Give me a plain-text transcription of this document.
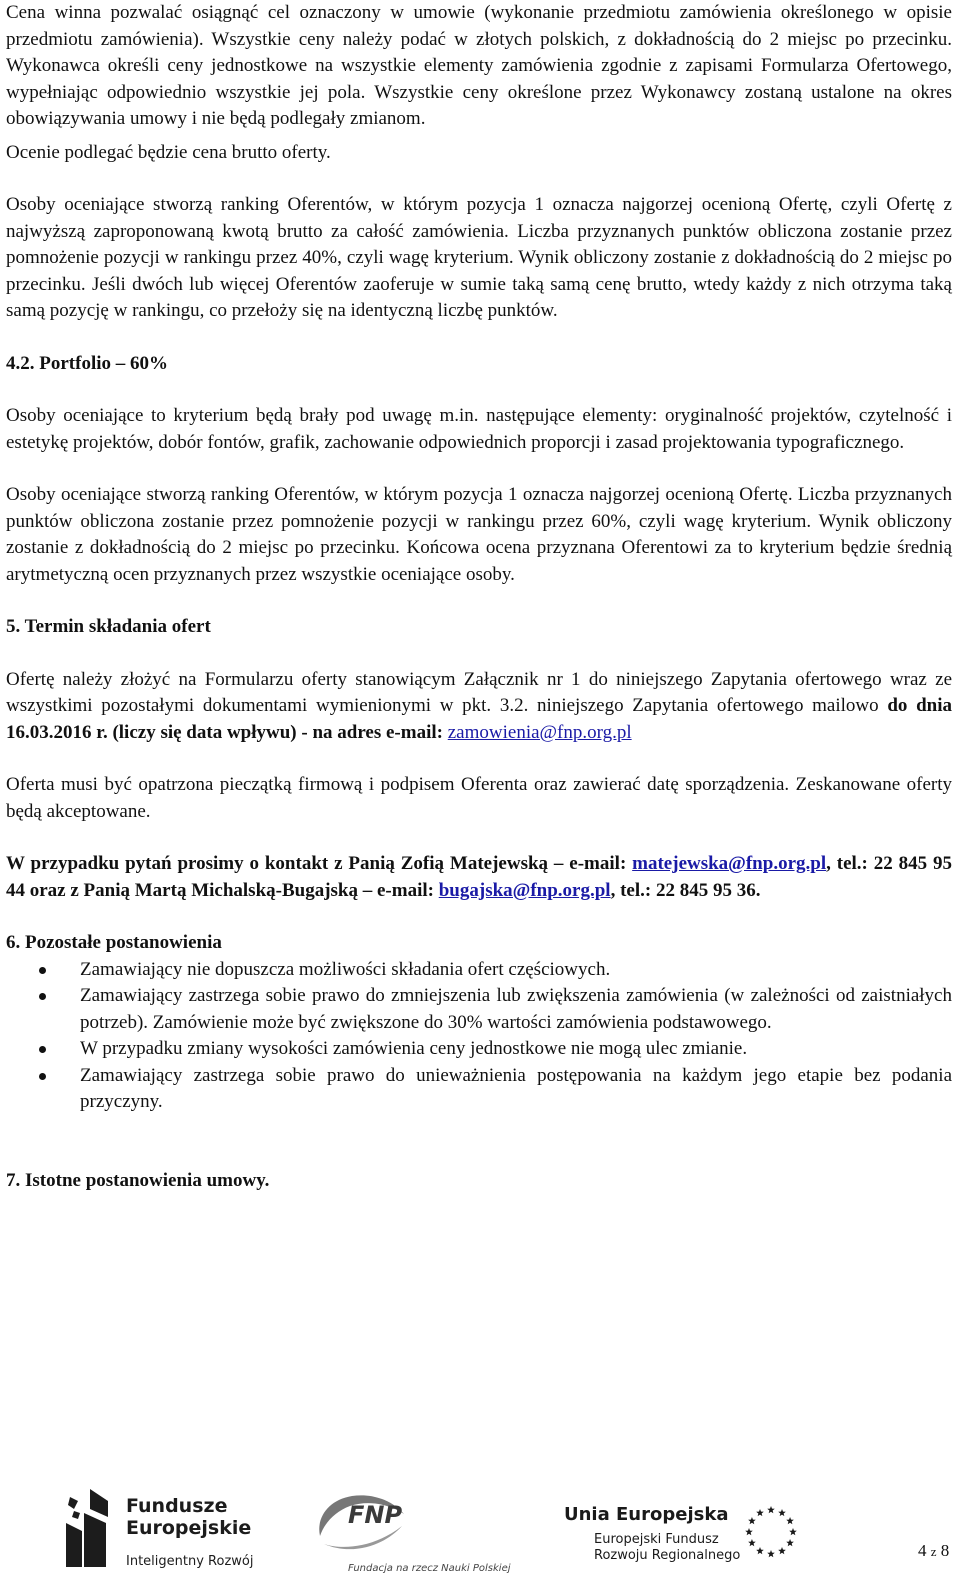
Cena winna pozwalać osiągnąć cel oznaczony w umowie (wykonanie przedmiotu zamówienia określonego w opisie przedmiotu zamówienia). Wszystkie ceny należy podać w złotych polskich, z dokładnością do 2 miejsc po przecinku. Wykonawca określi ceny jednostkowe na wszystkie elementy zamówienia zgodnie z zapisami Formularza Ofertowego, wypełniając odpowiednio wszystkie jej pola. Wszystkie ceny określone przez Wykonawcy zostaną ustalone na okres obowiązywania umowy i nie będą podlegały zmianom.

Ocenie podlegać będzie cena brutto oferty.

Osoby oceniające stworzą ranking Oferentów, w którym pozycja 1 oznacza najgorzej ocenioną Ofertę, czyli Ofertę z najwyższą zaproponowaną kwotą brutto za całość zamówienia. Liczba przyznanych punktów obliczona zostanie przez pomnożenie pozycji w rankingu przez 40%, czyli wagę kryterium. Wynik obliczony zostanie z dokładnością do 2 miejsc po przecinku. Jeśli dwóch lub więcej Oferentów zaoferuje w sumie taką samą cenę brutto, wtedy każdy z nich otrzyma taką samą pozycję w rankingu, co przełoży się na identyczną liczbę punktów.

4.2. Portfolio – 60%

Osoby oceniające to kryterium będą brały pod uwagę m.in. następujące elementy: oryginalność projektów, czytelność i estetykę projektów, dobór fontów, grafik, zachowanie odpowiednich proporcji i zasad projektowania typograficznego.

Osoby oceniające stworzą ranking Oferentów, w którym pozycja 1 oznacza najgorzej ocenioną Ofertę. Liczba przyznanych punktów obliczona zostanie przez pomnożenie pozycji w rankingu przez 60%, czyli wagę kryterium. Wynik obliczony zostanie z dokładnością do 2 miejsc po przecinku. Końcowa ocena przyznana Oferentowi za to kryterium będzie średnią arytmetyczną ocen przyznanych przez wszystkie oceniające osoby.

5. Termin składania ofert

Ofertę należy złożyć na Formularzu oferty stanowiącym Załącznik nr 1 do niniejszego Zapytania ofertowego wraz ze wszystkimi pozostałymi dokumentami wymienionymi w pkt. 3.2. niniejszego Zapytania ofertowego mailowo do dnia 16.03.2016 r. (liczy się data wpływu) - na adres e-mail: zamowienia@fnp.org.pl

Oferta musi być opatrzona pieczątką firmową i podpisem Oferenta oraz zawierać datę sporządzenia. Zeskanowane oferty będą akceptowane.

W przypadku pytań prosimy o kontakt z Panią Zofią Matejewską – e-mail: matejewska@fnp.org.pl, tel.: 22 845 95 44 oraz z Panią Martą Michalską-Bugajską – e-mail: bugajska@fnp.org.pl, tel.: 22 845 95 36.

6. Pozostałe postanowienia
Zamawiający nie dopuszcza możliwości składania ofert częściowych.
Zamawiający zastrzega sobie prawo do zmniejszenia lub zwiększenia zamówienia (w zależności od zaistniałych potrzeb). Zamówienie może być zwiększone do 30% wartości zamówienia podstawowego.
W przypadku zmiany wysokości zamówienia ceny jednostkowe nie mogą ulec zmianie.
Zamawiający zastrzega sobie prawo do unieważnienia postępowania na każdym jego etapie bez podania przyczyny.
7. Istotne postanowienia umowy.
Fundusze
Europejskie
Inteligentny Rozwój
FNP
Fundacja na rzecz Nauki Polskiej
Unia Europejska
Europejski Fundusz
Rozwoju Regionalnego	4 z 8
